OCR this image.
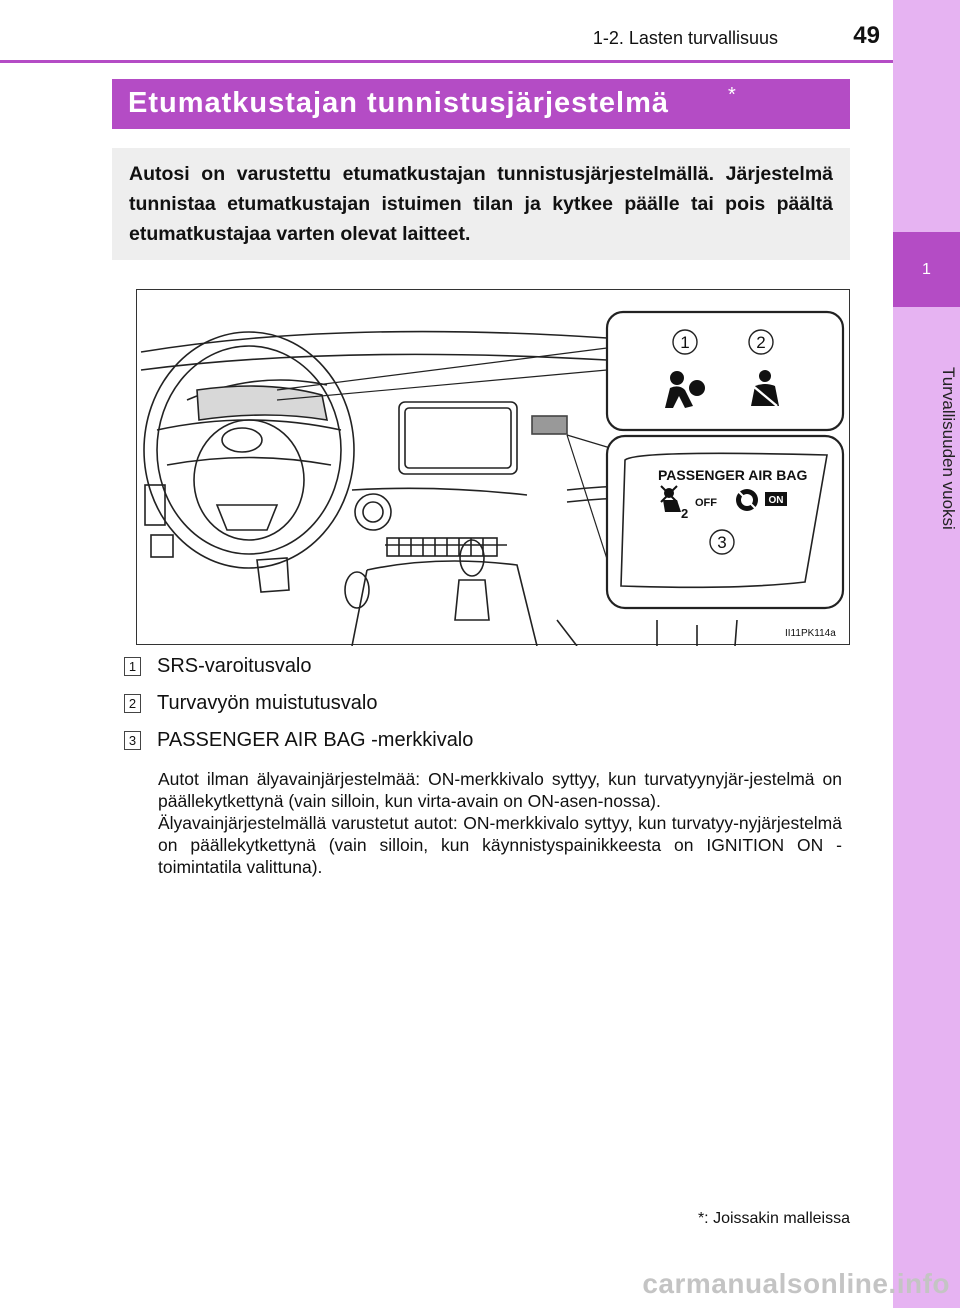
1
Turvallisuuden vuoksi
1-2. Lasten turvallisuus	49
Etumatkustajan tunnistusjärjestelmä	*
Autosi on varustettu etumatkustajan tunnistusjärjestelmällä. Järjestelmä tunnistaa etumatkustajan istuimen tilan ja kytkee päälle tai pois päältä etumatkustajaa varten olevat laitteet.
1	2
PASSENGER AIR BAG
2
OFF	ON
3
II11PK114a
1 SRS-varoitusvalo
2 Turvavyön muistutusvalo
3 PASSENGER AIR BAG -merkkivalo

Autot ilman älyavainjärjestelmää: ON-merkkivalo syttyy, kun turvatyynyjär-jestelmä on päällekytkettynä (vain silloin, kun virta-avain on ON-asen-nossa).

Älyavainjärjestelmällä varustetut autot: ON-merkkivalo syttyy, kun turvatyy-nyjärjestelmä on päällekytkettynä (vain silloin, kun käynnistyspainikkeesta on IGNITION ON -toimintatila valittuna).

*: Joissakin malleissa
carmanualsonline.info
